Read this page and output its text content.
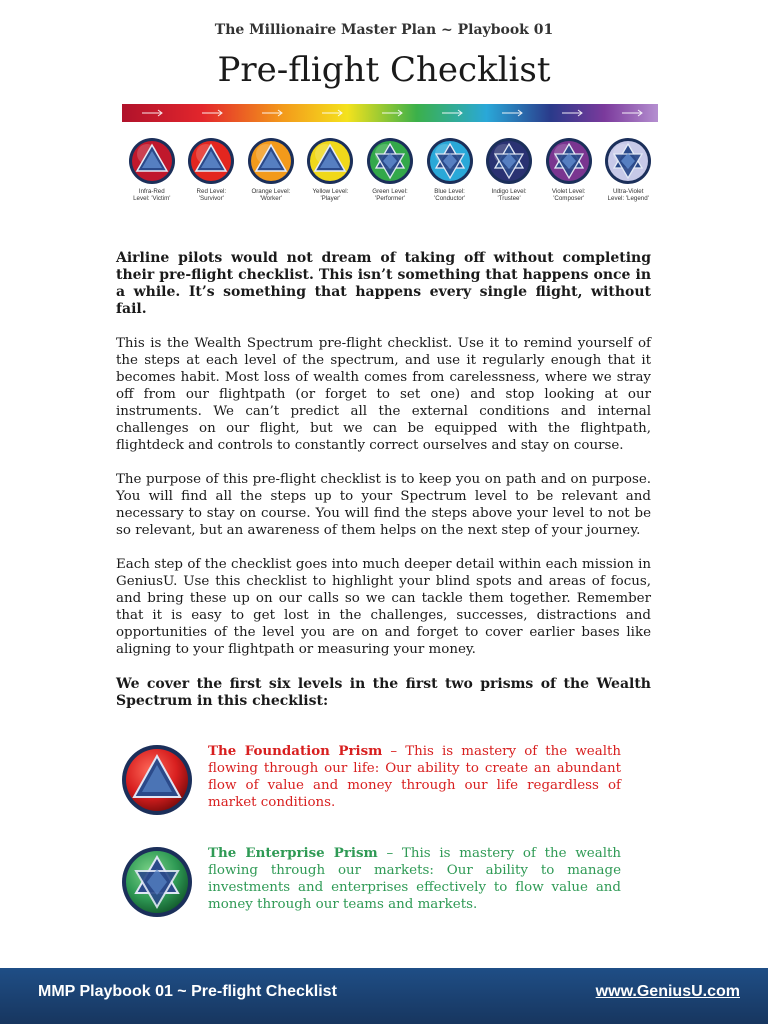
The Millionaire Master Plan ~ Playbook 01
Pre-flight Checklist
Infra-Red
Level: 'Victim'
Red Level:
'Survivor'
Orange Level:
'Worker'
Yellow Level:
'Player'
Green Level:
'Performer'
Blue Level:
'Conductor'
Indigo Level:
'Trustee'
Violet Level:
'Composer'
Ultra-Violet
Level: 'Legend'
Airline pilots would not dream of taking off without completing their pre-flight checklist. This isn’t something that happens once in a while. It’s something that happens every single flight, without fail.
This is the Wealth Spectrum pre-flight checklist. Use it to remind yourself of the steps at each level of the spectrum, and use it regularly enough that it becomes habit. Most loss of wealth comes from carelessness, where we stray off from our flightpath (or forget to set one) and stop looking at our instruments. We can’t predict all the external conditions and internal challenges on our flight, but we can be equipped with the flightpath, flightdeck and controls to constantly correct ourselves and stay on course.
The purpose of this pre-flight checklist is to keep you on path and on purpose. You will find all the steps up to your Spectrum level to be relevant and necessary to stay on course. You will find the steps above your level to not be so relevant, but an awareness of them helps on the next step of your journey.
Each step of the checklist goes into much deeper detail within each mission in GeniusU. Use this checklist to highlight your blind spots and areas of focus, and bring these up on our calls so we can tackle them together. Remember that it is easy to get lost in the challenges, successes, distractions and opportunities of the level you are on and forget to cover earlier bases like aligning to your flightpath or measuring your money.
We cover the first six levels in the first two prisms of the Wealth Spectrum in this checklist:
The Foundation Prism – This is mastery of the wealth flowing through our life: Our ability to create an abundant flow of value and money through our life regardless of market conditions.
The Enterprise Prism – This is mastery of the wealth flowing through our markets: Our ability to manage investments and enterprises effectively to flow value and money through our teams and markets.
MMP Playbook 01 ~ Pre-flight Checklist	www.GeniusU.com
